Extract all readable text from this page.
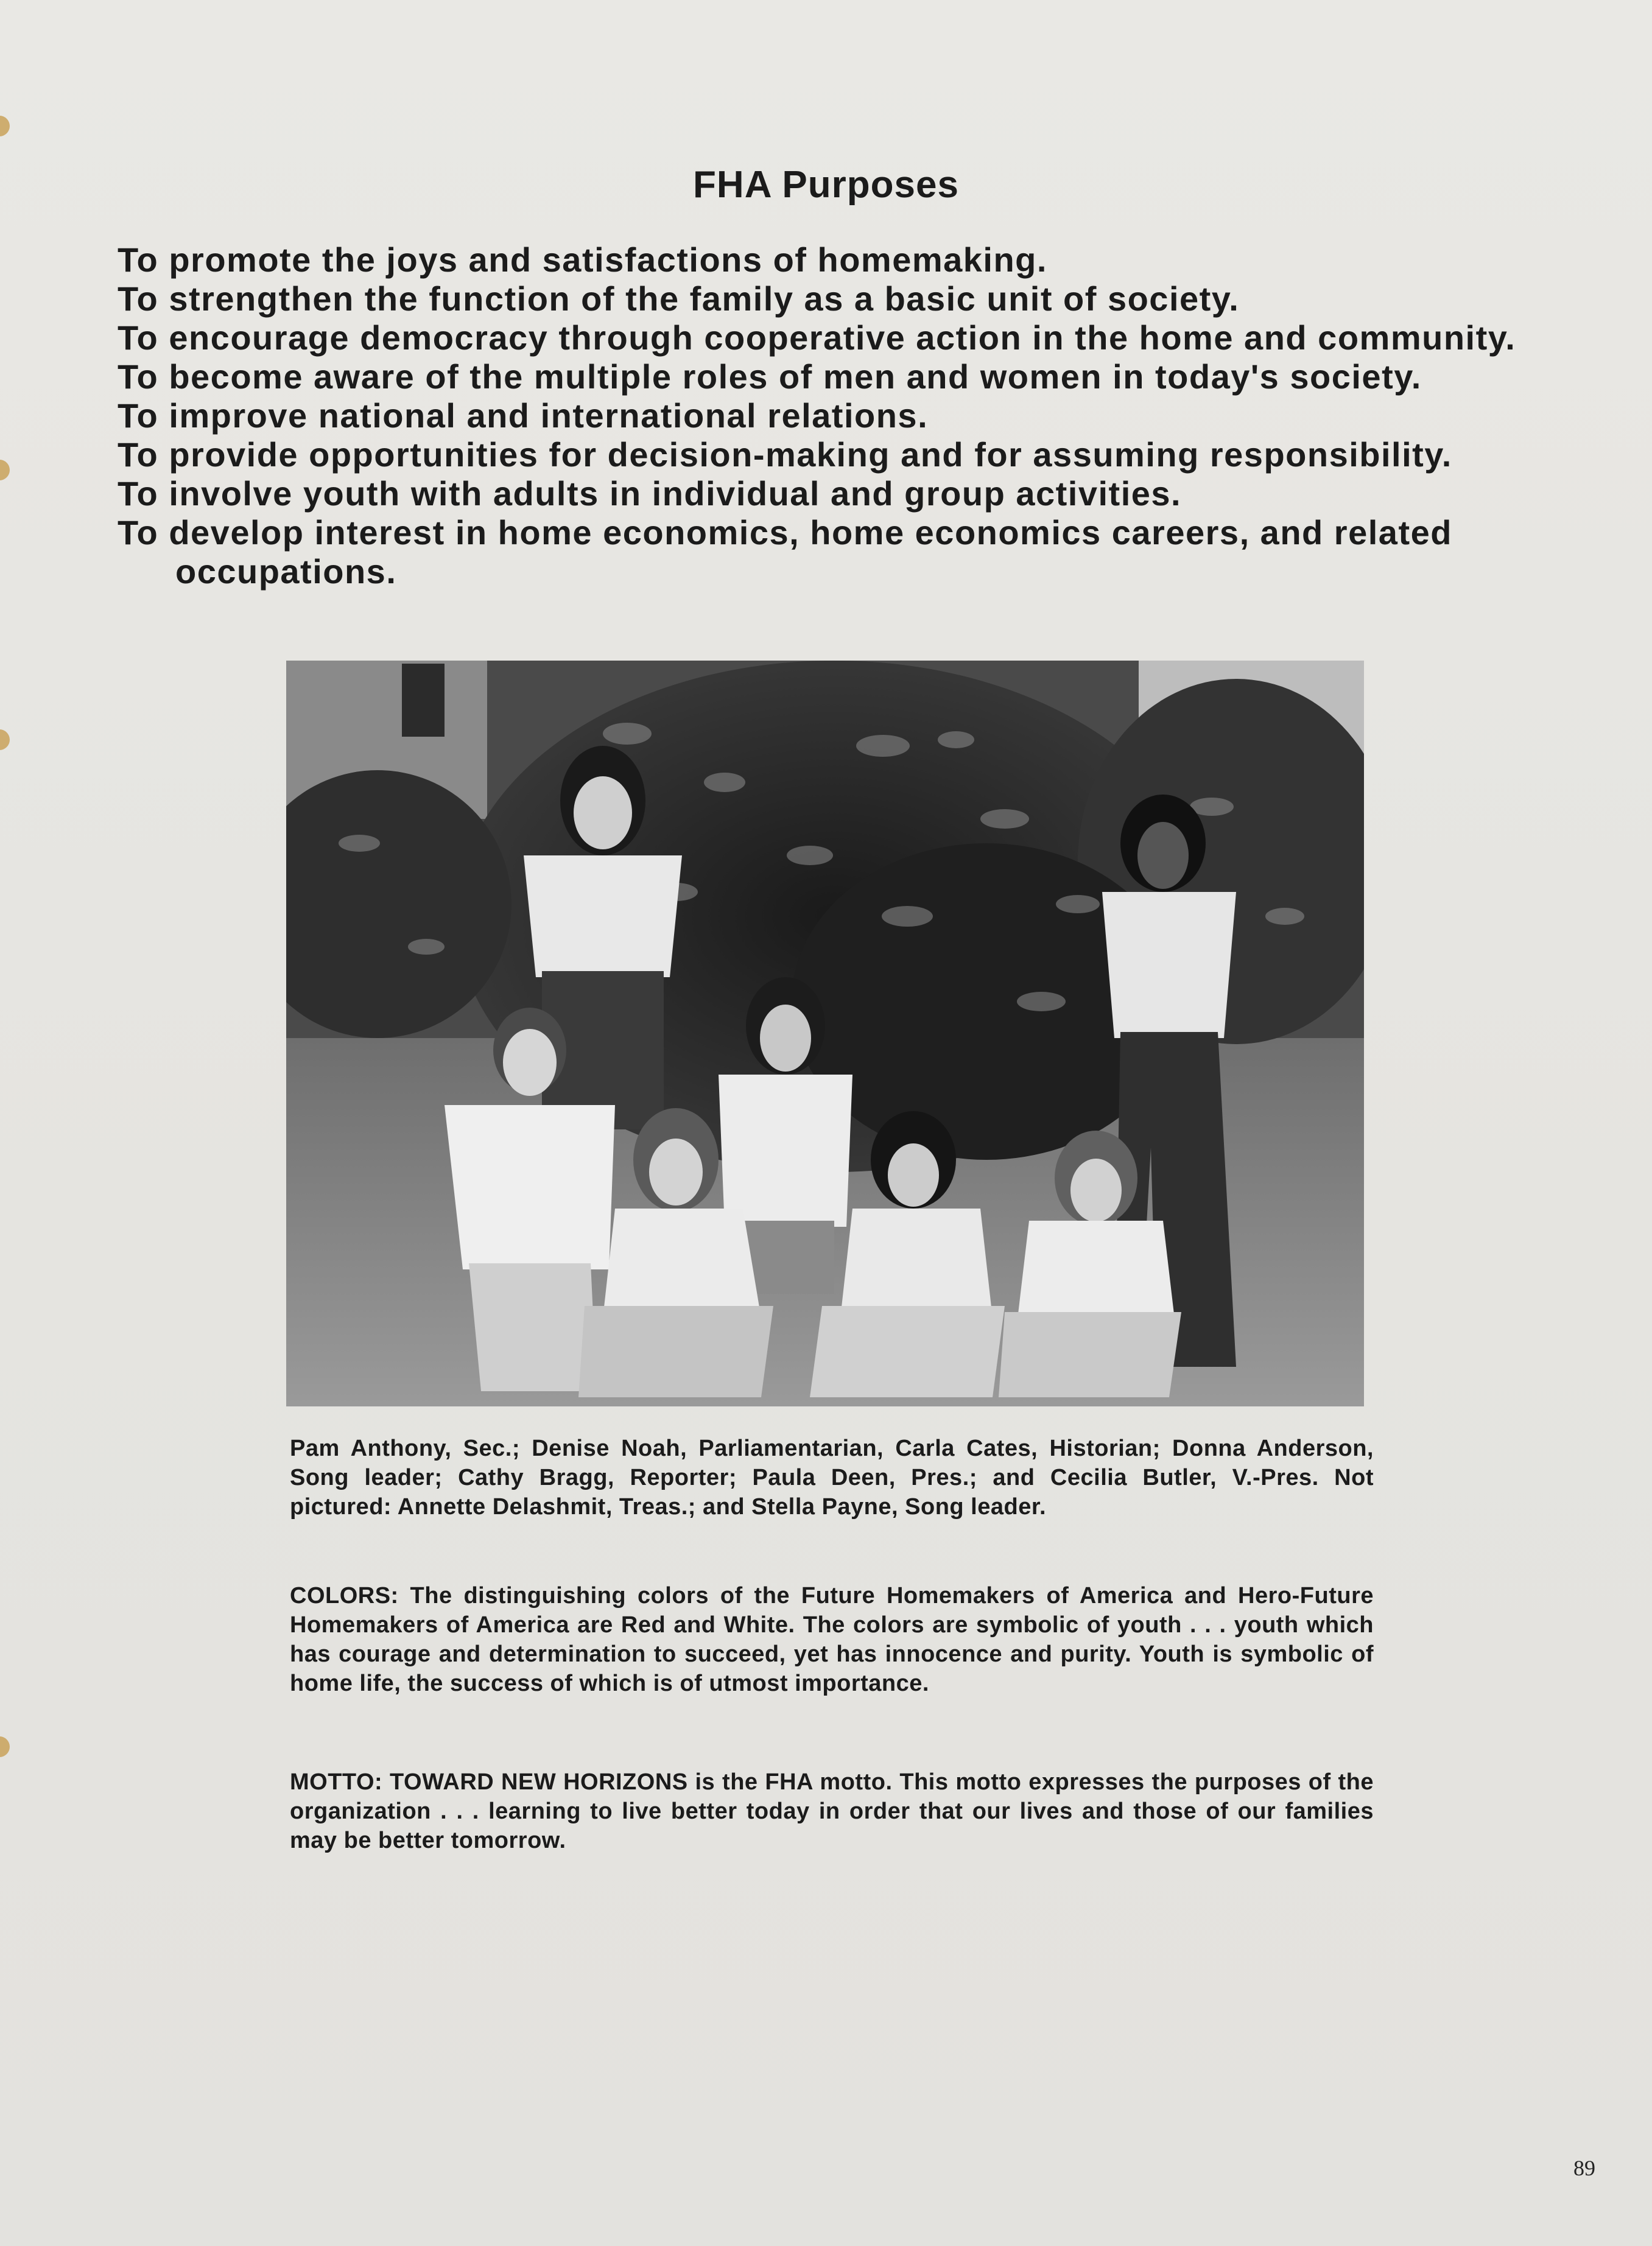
FHA Purposes
To promote the joys and satisfactions of homemaking.
To strengthen the function of the family as a basic unit of society.
To encourage democracy through cooperative action in the home and community.
To become aware of the multiple roles of men and women in today's society.
To improve national and international relations.
To provide opportunities for decision-making and for assuming responsibility.
To involve youth with adults in individual and group activities.
To develop interest in home economics, home economics careers, and related occupations.
Pam Anthony, Sec.; Denise Noah, Parliamentarian, Carla Cates, Historian; Donna Anderson, Song leader; Cathy Bragg, Reporter; Paula Deen, Pres.; and Cecilia Butler, V.-Pres. Not pictured: Annette Delashmit, Treas.; and Stella Payne, Song leader.
COLORS: The distinguishing colors of the Future Homemakers of America and Hero-Future Homemakers of America are Red and White. The colors are symbolic of youth . . . youth which has courage and determination to succeed, yet has innocence and purity. Youth is symbolic of home life, the success of which is of utmost importance.
MOTTO: TOWARD NEW HORIZONS is the FHA motto. This motto expresses the purposes of the organization . . . learning to live better today in order that our lives and those of our families may be better tomorrow.
89
